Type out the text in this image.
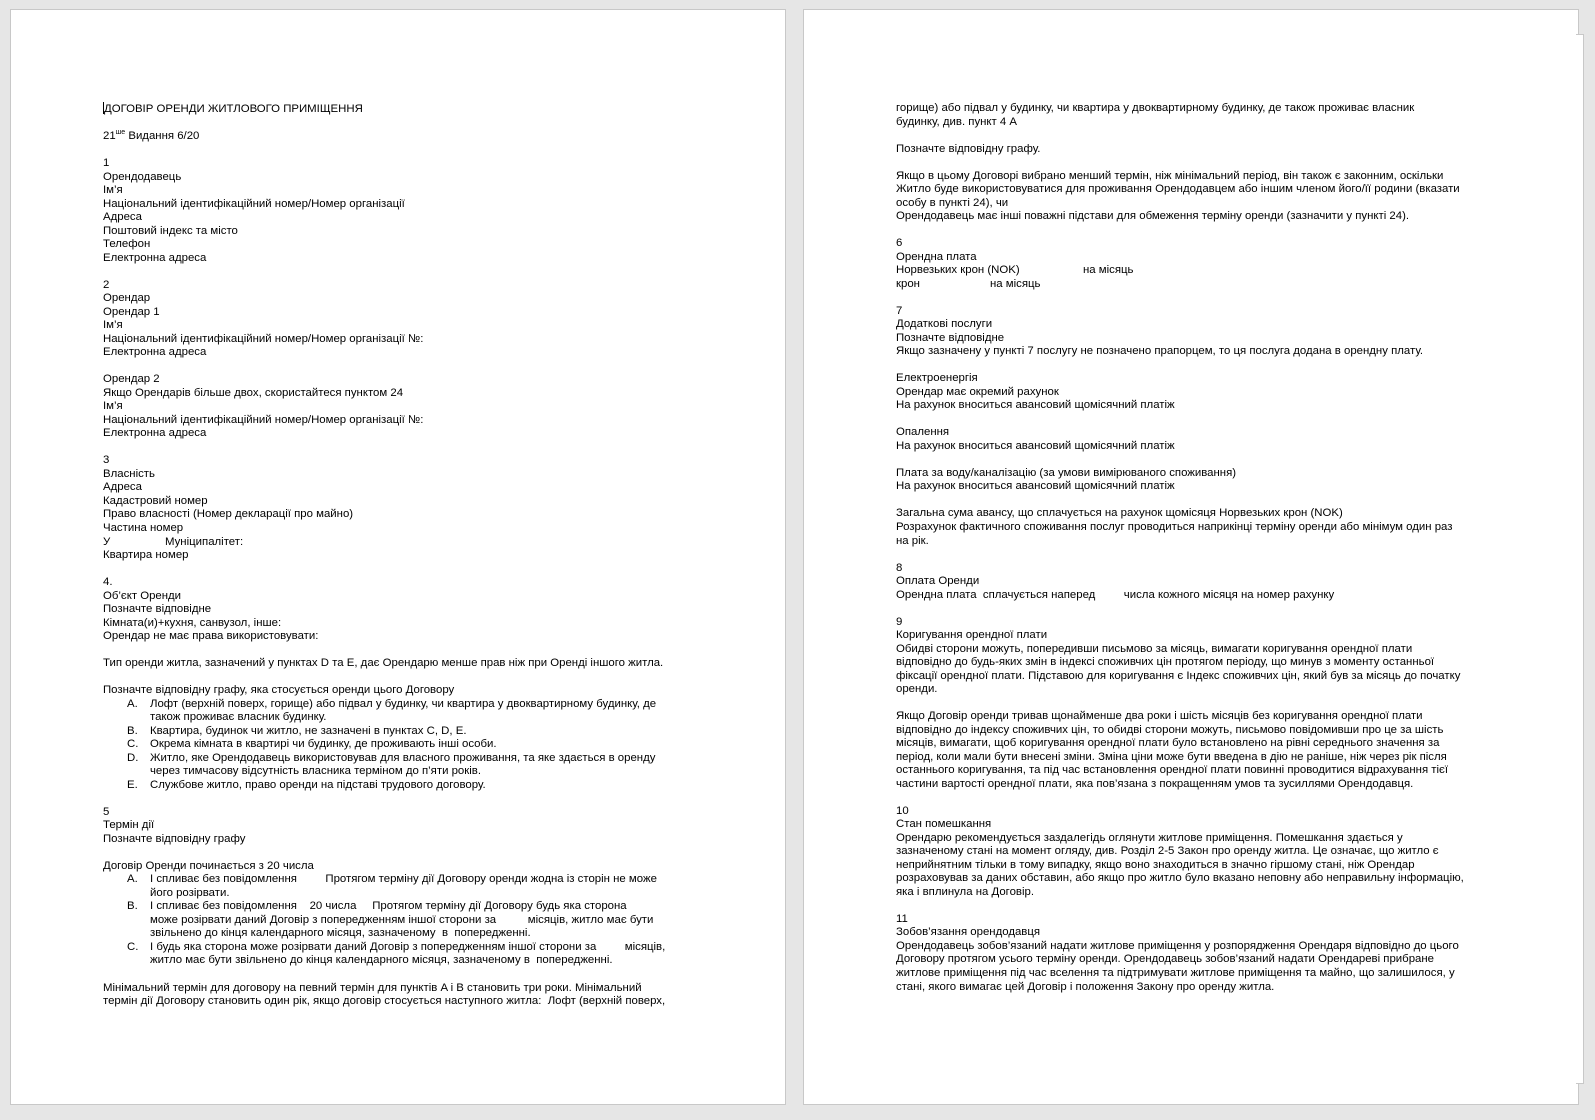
ДОГОВІР ОРЕНДИ ЖИТЛОВОГО ПРИМІЩЕННЯ
$21^{ше}$ Видання 6/20
1
Орендодавець
Ім’я
Національний ідентифікаційний номер/Номер організації
Адреса
Поштовий індекс та місто
Телефон
Електронна адреса
2
Орендар
Орендар 1
Ім’я
Національний ідентифікаційний номер/Номер організації №:
Електронна адреса
Орендар 2
Якщо Орендарів більше двох, скористайтеся пунктом 24
Ім’я
Національний ідентифікаційний номер/Номер організації №:
Електронна адреса
3
Власність
Адреса
Кадастровий номер
Право власності (Номер декларації про майно)
Частина номер
У	Муніципалітет:
Квартира номер
4.
Об’єкт Оренди
Позначте відповідне
Кімната(и)+кухня, санвузол, інше:
Орендар не має права використовувати:
Тип оренди житла, зазначений у пунктах D та E, дає Орендарю менше прав ніж при Оренді іншого житла.
Позначте відповідну графу, яка стосується оренди цього Договору
A. Лофт (верхній поверх, горище) або підвал у будинку, чи квартира у двоквартирному будинку, де
також проживає власник будинку.
B. Квартира, будинок чи житло, не зазначені в пунктах C, D, E.
C. Окрема кімната в квартирі чи будинку, де проживають інші особи.
D. Житло, яке Орендодавець використовував для власного проживання, та яке здається в оренду
через тимчасову відсутність власника терміном до п’яти років.
E. Службове житло, право оренди на підставі трудового договору.
5
Термін дії
Позначте відповідну графу
Договір Оренди починається з 20 числа
A. І спливає без повідомлення         Протягом терміну дії Договору оренди жодна із сторін не може
його розірвати.
B. І спливає без повідомлення    20 числа     Протягом терміну дії Договору будь яка сторона
може розірвати даний Договір з попередженням іншої сторони за          місяців, житло має бути
звільнено до кінця календарного місяця, зазначеному  в  попередженні.
C. І будь яка сторона може розірвати даний Договір з попередженням іншої сторони за         місяців,
житло має бути звільнено до кінця календарного місяця, зазначеному в  попередженні.
Мінімальний термін для договору на певний термін для пунктів A і B становить три роки. Мінімальний
термін дії Договору становить один рік, якщо договір стосується наступного житла:  Лофт (верхній поверх,
горище) або підвал у будинку, чи квартира у двоквартирному будинку, де також проживає власник
будинку, див. пункт 4 A
Позначте відповідну графу.
Якщо в цьому Договорі вибрано менший термін, ніж мінімальний період, він також є законним, оскільки
Житло буде використовуватися для проживання Орендодавцем або іншим членом його/її родини (вказати
особу в пункті 24), чи
Орендодавець має інші поважні підстави для обмеження терміну оренди (зазначити у пункті 24).
6
Орендна плата
Норвезьких крон (NOK)	на місяць
крон	на місяць
7
Додаткові послуги
Позначте відповідне
Якщо зазначену у пункті 7 послугу не позначено прапорцем, то ця послуга додана в орендну плату.
Електроенергія
Орендар має окремий рахунок
На рахунок вноситься авансовий щомісячний платіж
Опалення
На рахунок вноситься авансовий щомісячний платіж
Плата за воду/каналізацію (за умови вимірюваного споживання)
На рахунок вноситься авансовий щомісячний платіж
Загальна сума авансу, що сплачується на рахунок щомісяця Норвезьких крон (NOK)
Розрахунок фактичного споживання послуг проводиться наприкінці терміну оренди або мінімум один раз
на рік.
8
Оплата Оренди
Орендна плата  сплачується наперед         числа кожного місяця на номер рахунку
9
Коригування орендної плати
Обидві сторони можуть, попередивши письмово за місяць, вимагати коригування орендної плати
відповідно до будь-яких змін в індексі споживчих цін протягом періоду, що минув з моменту останньої
фіксації орендної плати. Підставою для коригування є Індекс споживчих цін, який був за місяць до початку
оренди.
Якщо Договір оренди тривав щонайменше два роки і шість місяців без коригування орендної плати
відповідно до індексу споживчих цін, то обидві сторони можуть, письмово повідомивши про це за шість
місяців, вимагати, щоб коригування орендної плати було встановлено на рівні середнього значення за
період, коли мали бути внесені зміни. Зміна ціни може бути введена в дію не раніше, ніж через рік після
останнього коригування, та під час встановлення орендної плати повинні проводитися відрахування тієї
частини вартості орендної плати, яка пов’язана з покращенням умов та зусиллями Орендодавця.
10
Стан помешкання
Орендарю рекомендується заздалегідь оглянути житлове приміщення. Помешкання здається у
зазначеному стані на момент огляду, див. Розділ 2-5 Закон про оренду житла. Це означає, що житло є
неприйнятним тільки в тому випадку, якщо воно знаходиться в значно гіршому стані, ніж Орендар
розраховував за даних обставин, або якщо про житло було вказано неповну або неправильну інформацію,
яка і вплинула на Договір.
11
Зобов’язання орендодавця
Орендодавець зобов’язаний надати житлове приміщення у розпорядження Орендаря відповідно до цього
Договору протягом усього терміну оренди. Орендодавець зобов’язаний надати Орендареві прибране
житлове приміщення під час вселення та підтримувати житлове приміщення та майно, що залишилося, у
стані, якого вимагає цей Договір і положення Закону про оренду житла.
